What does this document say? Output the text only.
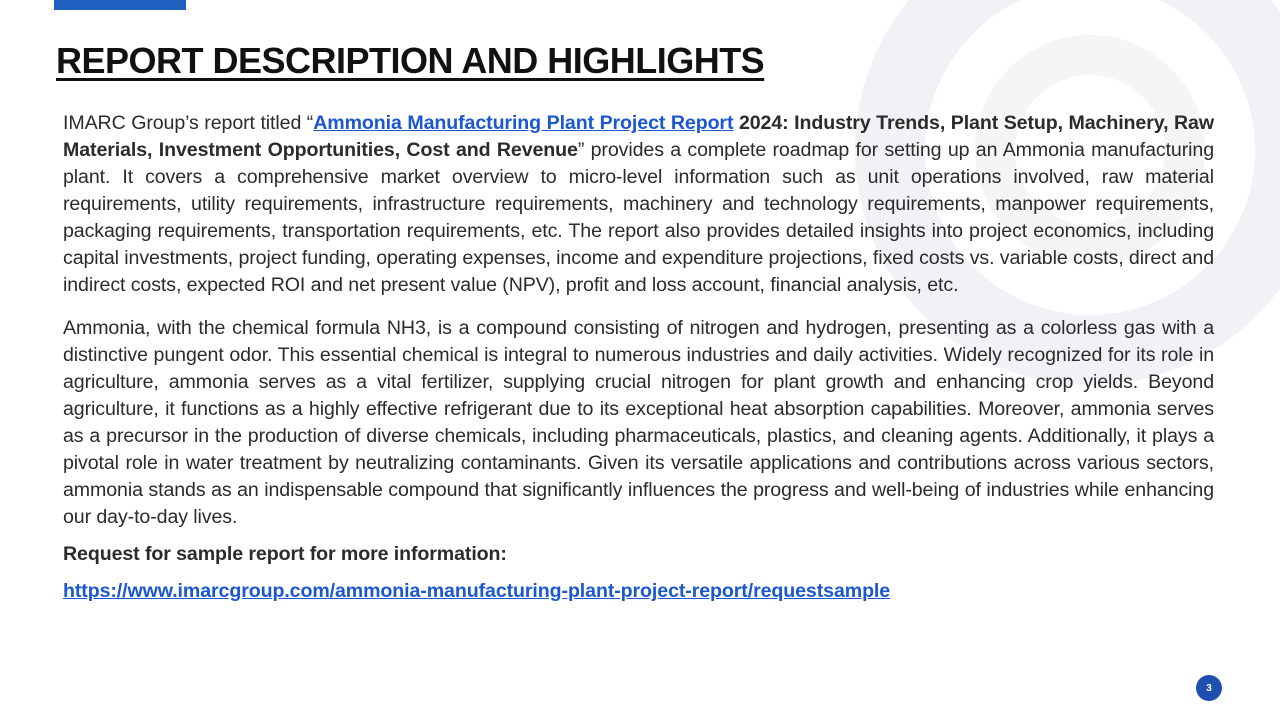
REPORT DESCRIPTION AND HIGHLIGHTS

IMARC Group’s report titled “Ammonia Manufacturing Plant Project Report 2024: Industry Trends, Plant Setup, Machinery, Raw Materials, Investment Opportunities, Cost and Revenue” provides a complete roadmap for setting up an Ammonia manufacturing plant. It covers a comprehensive market overview to micro-level information such as unit operations involved, raw material requirements, utility requirements, infrastructure requirements, machinery and technology requirements, manpower requirements, packaging requirements, transportation requirements, etc. The report also provides detailed insights into project economics, including capital investments, project funding, operating expenses, income and expenditure projections, fixed costs vs. variable costs, direct and indirect costs, expected ROI and net present value (NPV), profit and loss account, financial analysis, etc.

Ammonia, with the chemical formula NH3, is a compound consisting of nitrogen and hydrogen, presenting as a colorless gas with a distinctive pungent odor. This essential chemical is integral to numerous industries and daily activities. Widely recognized for its role in agriculture, ammonia serves as a vital fertilizer, supplying crucial nitrogen for plant growth and enhancing crop yields. Beyond agriculture, it functions as a highly effective refrigerant due to its exceptional heat absorption capabilities. Moreover, ammonia serves as a precursor in the production of diverse chemicals, including pharmaceuticals, plastics, and cleaning agents. Additionally, it plays a pivotal role in water treatment by neutralizing contaminants. Given its versatile applications and contributions across various sectors, ammonia stands as an indispensable compound that significantly influences the progress and well-being of industries while enhancing our day-to-day lives.

Request for sample report for more information:

https://www.imarcgroup.com/ammonia-manufacturing-plant-project-report/requestsample
3
